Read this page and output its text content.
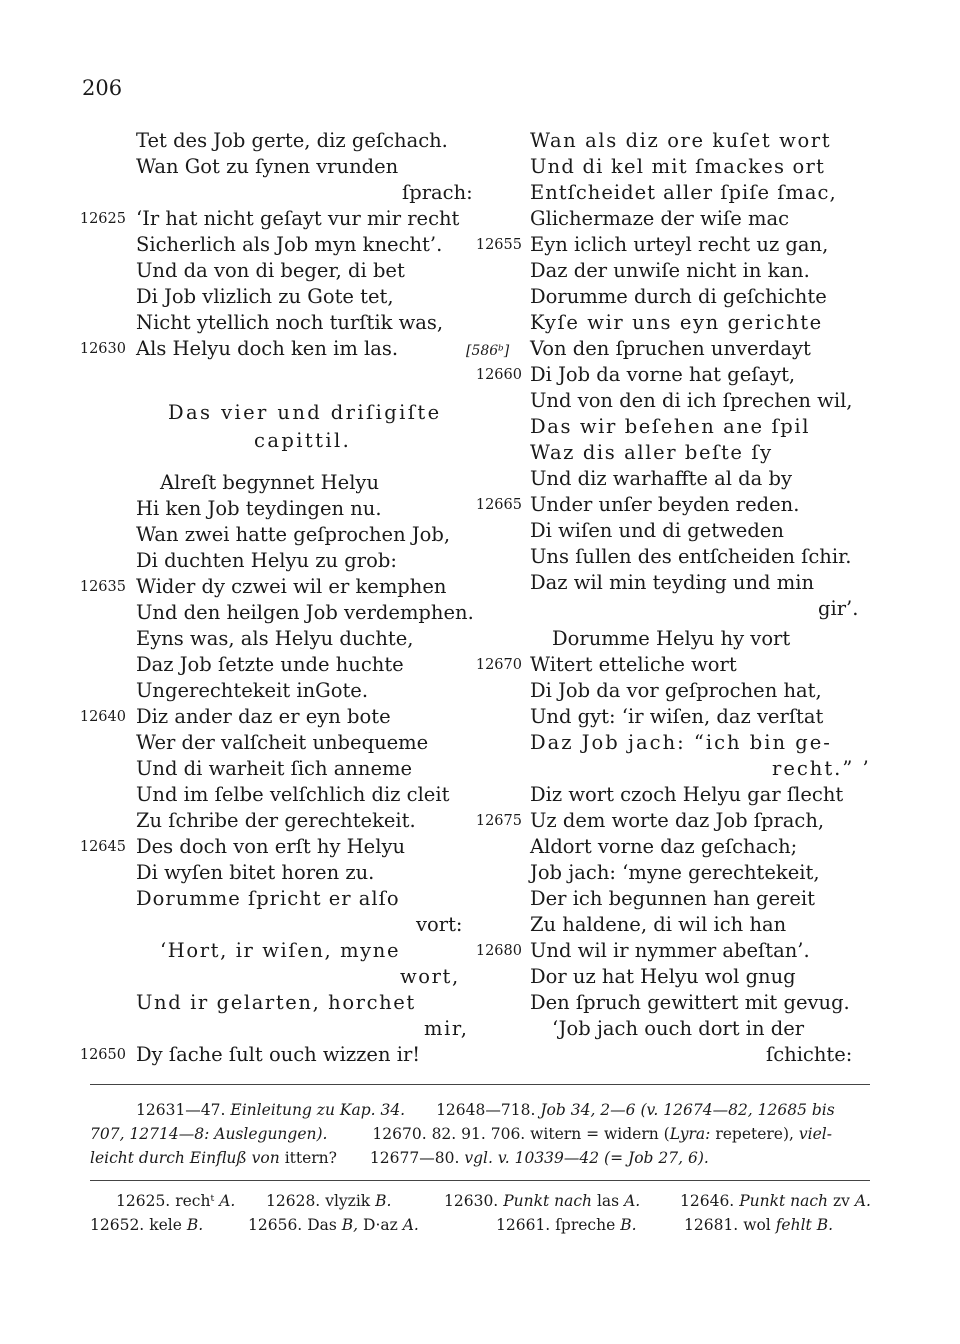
206
Tet des Job gerte, diz geſchach.
Wan Got zu ſynen vrunden
ſprach:
‘Ir hat nicht geſayt vur mir recht
Sicherlich als Job myn knecht’.
Und da von di beger, di bet
Di Job vlizlich zu Gote tet,
Nicht ytellich noch turſtik was,
Als Helyu doch ken im las.
Das vier und driſigiſte
capittil.
Alreſt begynnet Helyu
Hi ken Job teydingen nu.
Wan zwei hatte geſprochen Job,
Di duchten Helyu zu grob:
Wider dy czwei wil er kemphen
Und den heilgen Job verdemphen.
Eyns was, als Helyu duchte,
Daz Job ſetzte unde huchte
Ungerechtekeit inGote.
Diz ander daz er eyn bote
Wer der valſcheit unbequeme
Und di warheit ſich anneme
Und im ſelbe velſchlich diz cleit
Zu ſchribe der gerechtekeit.
Des doch von erſt hy Helyu
Di wyſen bitet horen zu.
Dorumme ſpricht er alſo
vort:
‘Hort, ir wiſen, myne
wort,
Und ir gelarten, horchet
mir,
Dy ſache ſult ouch wizzen ir!
12625
12630
12635
12640
12645
12650
Wan als diz ore kuſet wort
Und di kel mit ſmackes ort
Entſcheidet aller ſpiſe ſmac,
Glichermaze der wiſe mac
Eyn iclich urteyl recht uz gan,
Daz der unwiſe nicht in kan.
Dorumme durch di geſchichte
Kyſe wir uns eyn gerichte
Von den ſpruchen unverdayt
Di Job da vorne hat geſayt,
Und von den di ich ſprechen wil,
Das wir beſehen ane ſpil
Waz dis aller beſte ſy
Und diz warhaffte al da by
Under unſer beyden reden.
Di wiſen und di getweden
Uns ſullen des entſcheiden ſchir.
Daz wil min teyding und min
gir’.
Dorumme Helyu hy vort
Witert etteliche wort
Di Job da vor geſprochen hat,
Und gyt: ‘ir wiſen, daz verſtat
Daz Job jach: “ich bin ge-
recht.” ’
Diz wort czoch Helyu gar ſlecht
Uz dem worte daz Job ſprach,
Aldort vorne daz geſchach;
Job jach: ‘myne gerechtekeit,
Der ich begunnen han gereit
Zu haldene, di wil ich han
Und wil ir nymmer abeſtan’.
Dor uz hat Helyu wol gnug
Den ſpruch gewittert mit gevug.
‘Job jach ouch dort in der
ſchichte:
[586ᵇ]
12655
12660
12665
12670
12675
12680
12631—47. Einleitung zu Kap. 34. 12648—718. Job 34, 2—6 (v. 12674—82, 12685 bis
707, 12714—8: Auslegungen).	12670. 82. 91. 706. witern = widern (Lyra: repetere), viel-
leicht durch Einfluß von ittern? 12677—80. vgl. v. 10339—42 (= Job 27, 6).
12625. rechᵗ A. 12628. vlyzik B.	12630. Punkt nach las A.	12646. Punkt nach zv A.
12652. kele B.	12656. Das B, D·az A.	12661. ſpreche B.	12681. wol fehlt B.
